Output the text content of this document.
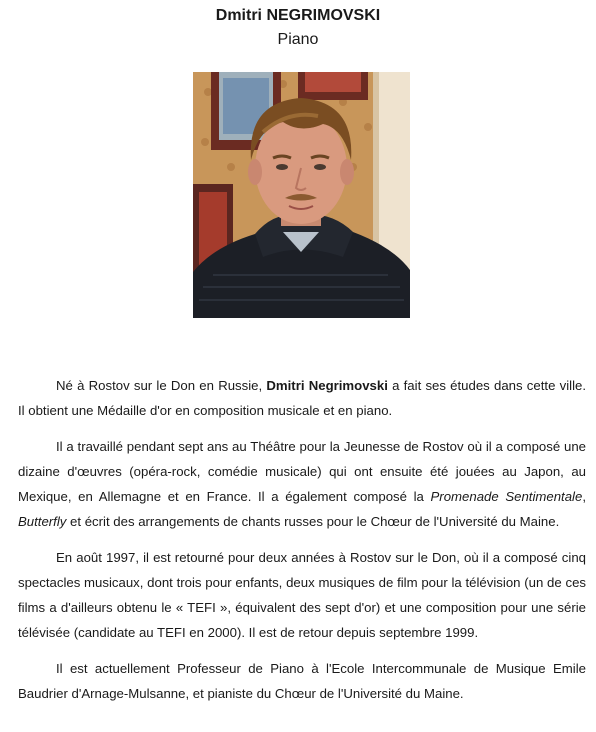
Dmitri NEGRIMOVSKI
Piano

Né à Rostov sur le Don en Russie, Dmitri Negrimovski a fait ses études dans cette ville. Il obtient une Médaille d'or en composition musicale et en piano.

Il a travaillé pendant sept ans au Théâtre pour la Jeunesse de Rostov où il a composé une dizaine d'œuvres (opéra-rock, comédie musicale) qui ont ensuite été jouées au Japon, au Mexique, en Allemagne et en France. Il a également composé la Promenade Sentimentale, Butterfly et écrit des arrangements de chants russes pour le Chœur de l'Université du Maine.

En août 1997, il est retourné pour deux années à Rostov sur le Don, où il a composé cinq spectacles musicaux, dont trois pour enfants, deux musiques de film pour la télévision (un de ces films a d'ailleurs obtenu le « TEFI », équivalent des sept d'or) et une composition pour une série télévisée (candidate au TEFI en 2000). Il est de retour depuis septembre 1999.

Il est actuellement Professeur de Piano à l'Ecole Intercommunale de Musique Emile Baudrier d'Arnage-Mulsanne, et pianiste du Chœur de l'Université du Maine.
